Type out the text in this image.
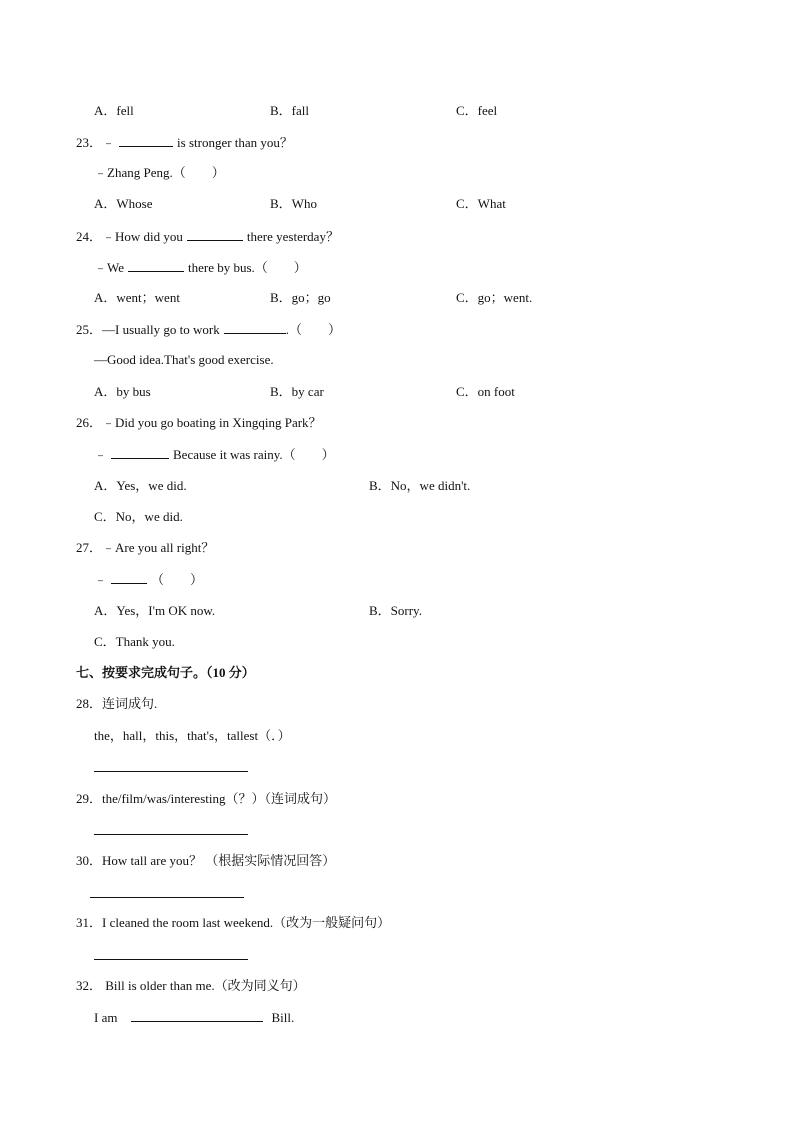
A．fell	B．fall	C．feel
23．﹣	is stronger than you？
﹣Zhang Peng.（　　）
A．Whose	B．Who	C．What
24．﹣How did you	there yesterday？
﹣We	there by bus.（　　）
A．went；went	B．go；go	C．go；went.
25．—I usually go to work	.（　　）
—Good idea.That's good exercise.
A．by bus	B．by car	C．on foot
26．﹣Did you go boating in Xingqing Park？
﹣	Because it was rainy.（　　）
A．Yes，we did.	B．No，we didn't.
C．No，we did.
27．﹣Are you all right？
﹣	（　　）
A．Yes，I'm OK now.	B．Sorry.
C．Thank you.
七、按要求完成句子。（10 分）
28．连词成句.
the，hall，this，that's，tallest（．）
29．the/film/was/interesting（？）（连词成句）
30．How tall are you？ （根据实际情况回答）
31．I cleaned the room last weekend.（改为一般疑问句）
32． Bill is older than me.（改为同义句）
I am	Bill.
